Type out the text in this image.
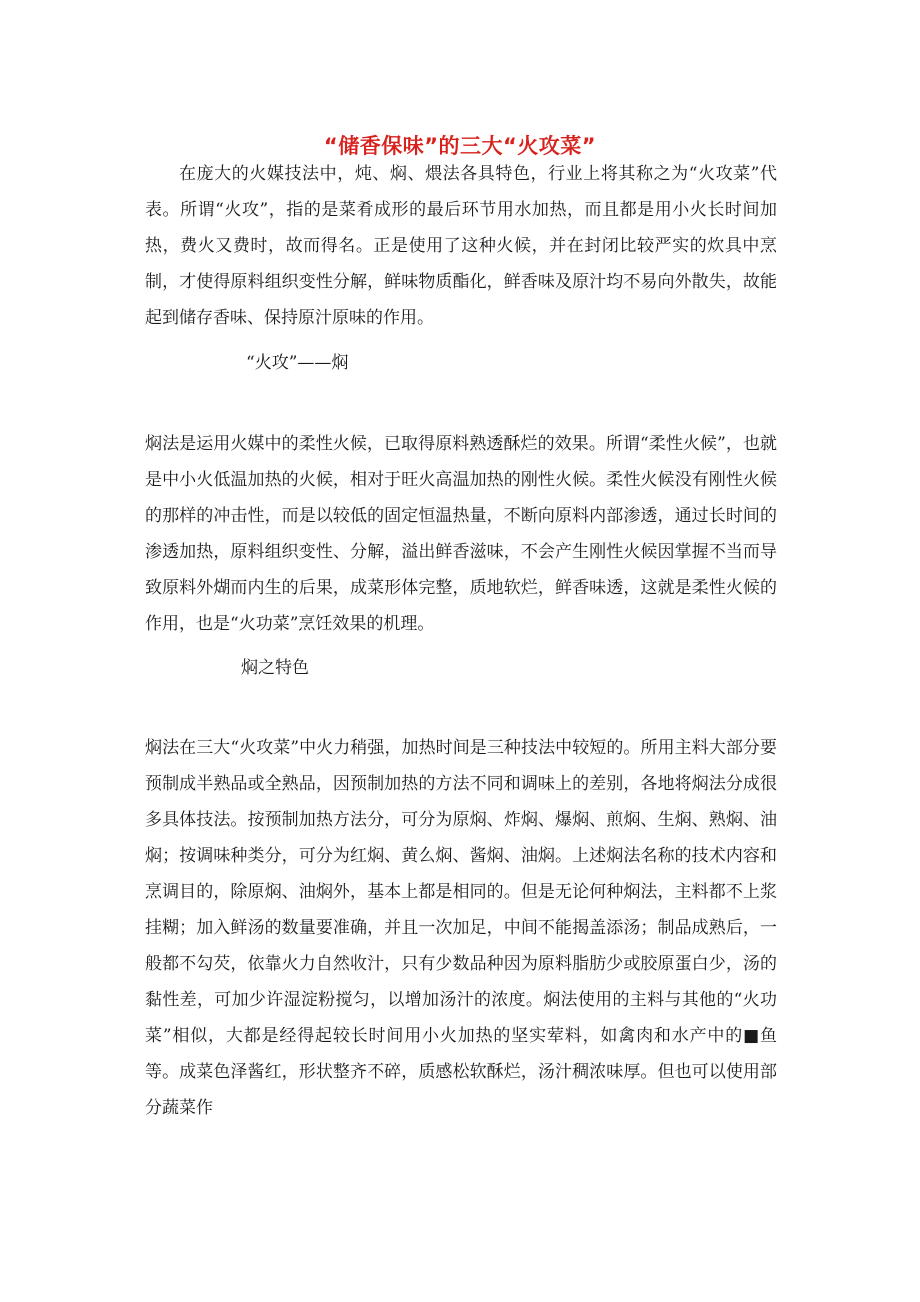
“储香保味”的三大“火攻菜”

在庞大的火媒技法中，炖、焖、煨法各具特色，行业上将其称之为“火攻菜”代表。所谓“火攻”，指的是菜肴成形的最后环节用水加热，而且都是用小火长时间加热，费火又费时，故而得名。正是使用了这种火候，并在封闭比较严实的炊具中烹制，才使得原料组织变性分解，鲜味物质酯化，鲜香味及原汁均不易向外散失，故能起到储存香味、保持原汁原味的作用。

“火攻”——焖

焖法是运用火媒中的柔性火候，已取得原料熟透酥烂的效果。所谓“柔性火候”，也就是中小火低温加热的火候，相对于旺火高温加热的刚性火候。柔性火候没有刚性火候的那样的冲击性，而是以较低的固定恒温热量，不断向原料内部渗透，通过长时间的渗透加热，原料组织变性、分解，溢出鲜香滋味，不会产生刚性火候因掌握不当而导致原料外煳而内生的后果，成菜形体完整，质地软烂，鲜香味透，这就是柔性火候的作用，也是“火功菜”烹饪效果的机理。

焖之特色

焖法在三大“火攻菜”中火力稍强，加热时间是三种技法中较短的。所用主料大部分要预制成半熟品或全熟品，因预制加热的方法不同和调味上的差别，各地将焖法分成很多具体技法。按预制加热方法分，可分为原焖、炸焖、爆焖、煎焖、生焖、熟焖、油焖；按调味种类分，可分为红焖、黄么焖、酱焖、油焖。上述焖法名称的技术内容和烹调目的，除原焖、油焖外，基本上都是相同的。但是无论何种焖法，主料都不上浆挂糊；加入鲜汤的数量要准确，并且一次加足，中间不能揭盖添汤；制品成熟后，一般都不勾芡，依靠火力自然收汁，只有少数品种因为原料脂肪少或胶原蛋白少，汤的黏性差，可加少许湿淀粉搅匀，以增加汤汁的浓度。焖法使用的主料与其他的“火功菜”相似，大都是经得起较长时间用小火加热的坚实荤料，如禽肉和水产中的■鱼等。成菜色泽酱红，形状整齐不碎，质感松软酥烂，汤汁稠浓味厚。但也可以使用部分蔬菜作
